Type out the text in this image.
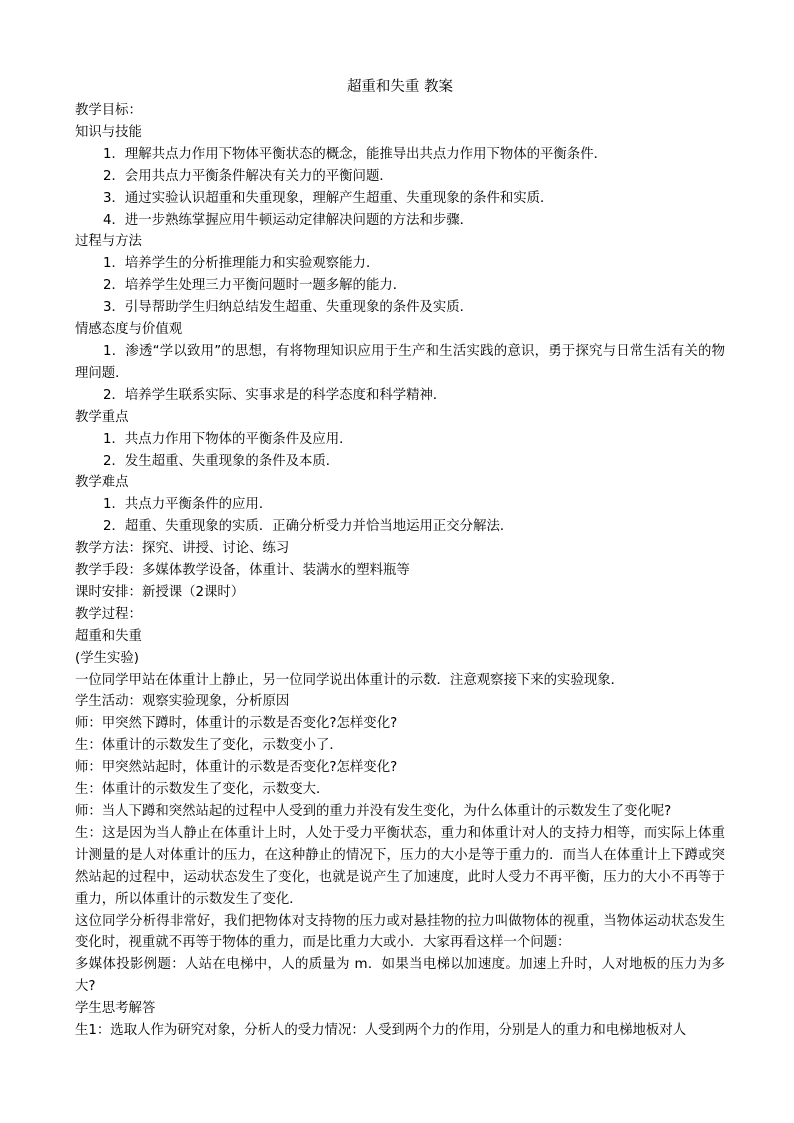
超重和失重 教案
教学目标：
知识与技能
1．理解共点力作用下物体平衡状态的概念，能推导出共点力作用下物体的平衡条件．
2．会用共点力平衡条件解决有关力的平衡问题．
3．通过实验认识超重和失重现象，理解产生超重、失重现象的条件和实质．
4．进一步熟练掌握应用牛顿运动定律解决问题的方法和步骤．
过程与方法
1．培养学生的分析推理能力和实验观察能力．
2．培养学生处理三力平衡问题时一题多解的能力．
3．引导帮助学生归纳总结发生超重、失重现象的条件及实质．
情感态度与价值观
1．渗透“学以致用”的思想，有将物理知识应用于生产和生活实践的意识，勇于探究与日常生活有关的物理问题．
2．培养学生联系实际、实事求是的科学态度和科学精神．
教学重点
1．共点力作用下物体的平衡条件及应用．
2．发生超重、失重现象的条件及本质．
教学难点
1．共点力平衡条件的应用．
2．超重、失重现象的实质．正确分析受力并恰当地运用正交分解法．
教学方法：探究、讲授、讨论、练习
教学手段：多媒体教学设备，体重计、装满水的塑料瓶等
课时安排：新授课（2课时）
教学过程：
超重和失重
(学生实验)
一位同学甲站在体重计上静止，另一位同学说出体重计的示数．注意观察接下来的实验现象．
学生活动：观察实验现象，分析原因
师：甲突然下蹲时，体重计的示数是否变化?怎样变化?
生：体重计的示数发生了变化，示数变小了．
师：甲突然站起时，体重计的示数是否变化?怎样变化?
生：体重计的示数发生了变化，示数变大．
师：当人下蹲和突然站起的过程中人受到的重力并没有发生变化，为什么体重计的示数发生了变化呢?
生：这是因为当人静止在体重计上时，人处于受力平衡状态，重力和体重计对人的支持力相等，而实际上体重计测量的是人对体重计的压力，在这种静止的情况下，压力的大小是等于重力的．而当人在体重计上下蹲或突然站起的过程中，运动状态发生了变化，也就是说产生了加速度，此时人受力不再平衡，压力的大小不再等于重力，所以体重计的示数发生了变化．
这位同学分析得非常好，我们把物体对支持物的压力或对悬挂物的拉力叫做物体的视重，当物体运动状态发生变化时，视重就不再等于物体的重力，而是比重力大或小．大家再看这样一个问题：
多媒体投影例题：人站在电梯中，人的质量为 m．如果当电梯以加速度。加速上升时，人对地板的压力为多大?
学生思考解答
生1：选取人作为研究对象，分析人的受力情况：人受到两个力的作用，分别是人的重力和电梯地板对人
